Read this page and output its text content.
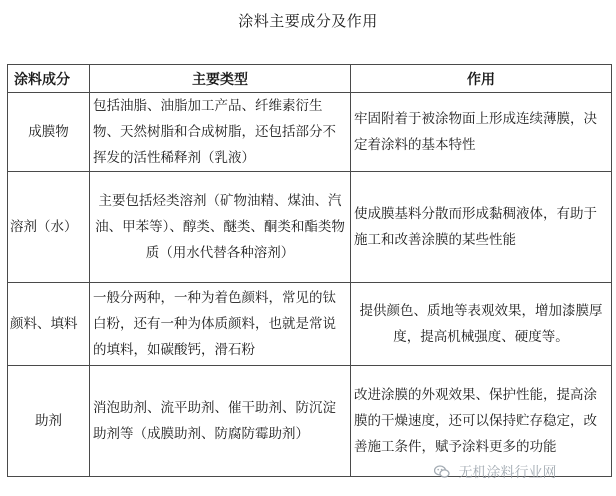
涂料主要成分及作用
涂料成分	主要类型	作用
成膜物	包括油脂、油脂加工产品、纤维素衍生物、天然树脂和合成树脂，还包括部分不挥发的活性稀释剂（乳液）	牢固附着于被涂物面上形成连续薄膜，决定着涂料的基本特性
溶剂（水）	主要包括烃类溶剂（矿物油精、煤油、汽油、甲苯等）、醇类、醚类、酮类和酯类物质（用水代替各种溶剂）	使成膜基料分散而形成黏稠液体，有助于施工和改善涂膜的某些性能
颜料、填料	一般分两种，一种为着色颜料，常见的钛白粉，还有一种为体质颜料，也就是常说的填料，如碳酸钙，滑石粉	提供颜色、质地等表观效果，增加漆膜厚度，提高机械强度、硬度等。
助剂	消泡助剂、流平助剂、催干助剂、防沉淀助剂等（成膜助剂、防腐防霉助剂）	改进涂膜的外观效果、保护性能，提高涂膜的干燥速度，还可以保持贮存稳定，改善施工条件，赋予涂料更多的功能
无机涂料行业网
